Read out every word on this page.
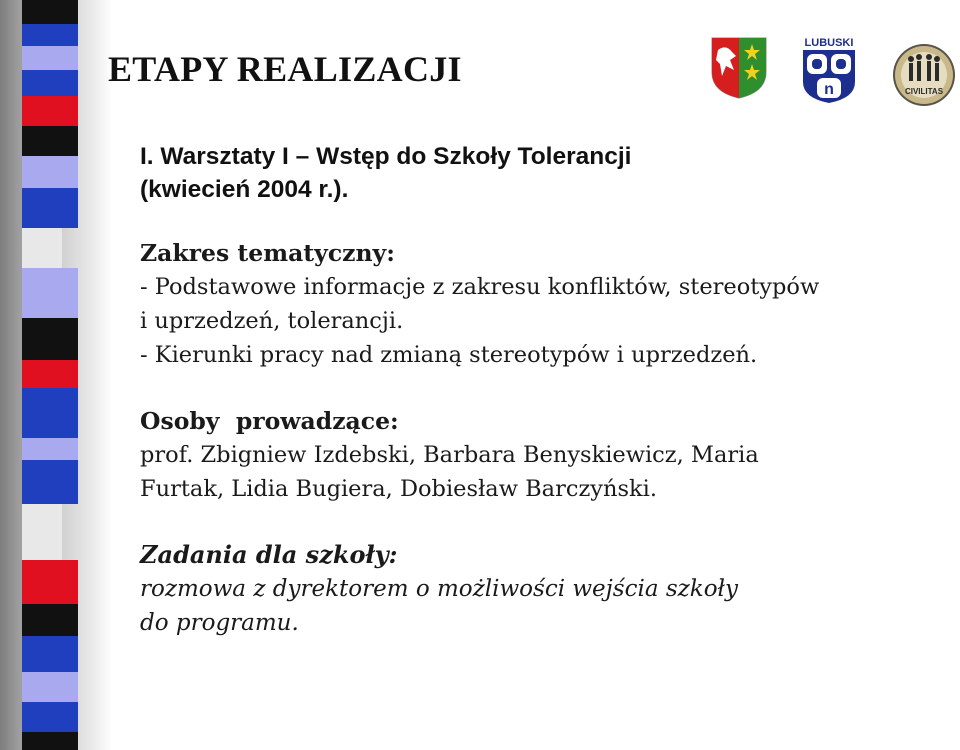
ETAPY REALIZACJI
LUBUSKI
n	CIVILITAS
I. Warsztaty I – Wstęp do Szkoły Tolerancji
(kwiecień 2004 r.).
Zakres tematyczny:
- Podstawowe informacje z zakresu konfliktów, stereotypów
i uprzedzeń, tolerancji.
- Kierunki pracy nad zmianą stereotypów i uprzedzeń.
Osoby  prowadzące:
prof. Zbigniew Izdebski, Barbara Benyskiewicz, Maria
Furtak, Lidia Bugiera, Dobiesław Barczyński.
Zadania dla szkoły:
rozmowa z dyrektorem o możliwości wejścia szkoły
do programu.
